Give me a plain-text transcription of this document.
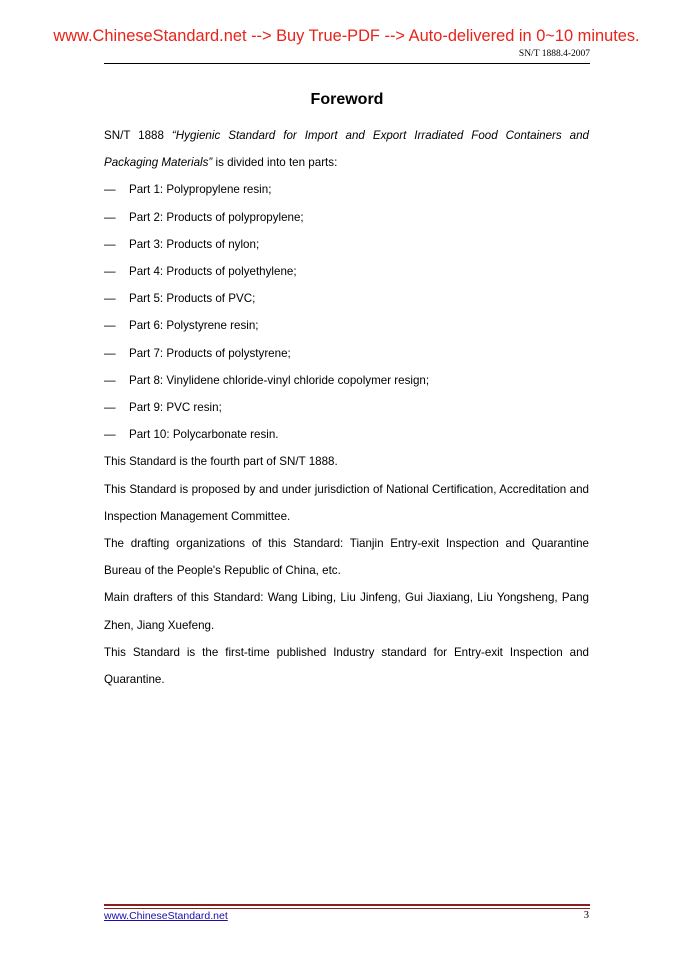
www.ChineseStandard.net --> Buy True-PDF --> Auto-delivered in 0~10 minutes.
SN/T 1888.4-2007
Foreword

SN/T 1888 “Hygienic Standard for Import and Export Irradiated Food Containers and Packaging Materials” is divided into ten parts:

—	Part 1: Polypropylene resin;
—	Part 2: Products of polypropylene;
—	Part 3: Products of nylon;
—	Part 4: Products of polyethylene;
—	Part 5: Products of PVC;
—	Part 6: Polystyrene resin;
—	Part 7: Products of polystyrene;
—	Part 8: Vinylidene chloride-vinyl chloride copolymer resign;
—	Part 9: PVC resin;
—	Part 10: Polycarbonate resin.

This Standard is the fourth part of SN/T 1888.

This Standard is proposed by and under jurisdiction of National Certification, Accreditation and Inspection Management Committee.

The drafting organizations of this Standard: Tianjin Entry-exit Inspection and Quarantine Bureau of the People's Republic of China, etc.

Main drafters of this Standard: Wang Libing, Liu Jinfeng, Gui Jiaxiang, Liu Yongsheng, Pang Zhen, Jiang Xuefeng.

This Standard is the first-time published Industry standard for Entry-exit Inspection and Quarantine.

www.ChineseStandard.net	3
